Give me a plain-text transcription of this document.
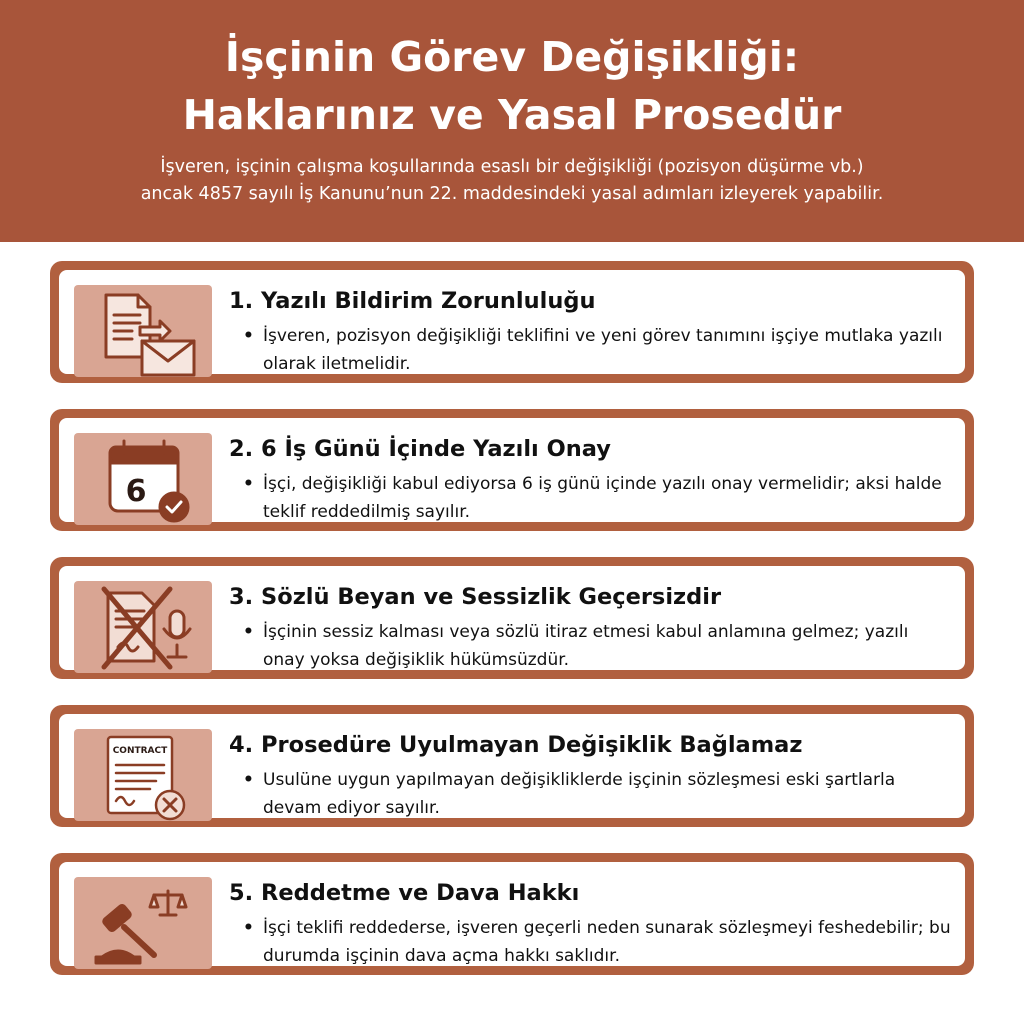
İşçinin Görev Değişikliği:
Haklarınız ve Yasal Prosedür

İşveren, işçinin çalışma koşullarında esaslı bir değişikliği (pozisyon düşürme vb.)
ancak 4857 sayılı İş Kanunu’nun 22. maddesindeki yasal adımları izleyerek yapabilir.

1. Yazılı Bildirim Zorunluluğu
• İşveren, pozisyon değişikliği teklifini ve yeni görev tanımını işçiye mutlaka yazılı olarak iletmelidir.
6
2. 6 İş Günü İçinde Yazılı Onay
• İşçi, değişikliği kabul ediyorsa 6 iş günü içinde yazılı onay vermelidir; aksi halde teklif reddedilmiş sayılır.
3. Sözlü Beyan ve Sessizlik Geçersizdir
• İşçinin sessiz kalması veya sözlü itiraz etmesi kabul anlamına gelmez; yazılı onay yoksa değişiklik hükümsüzdür.
CONTRACT	4. Prosedüre Uyulmayan Değişiklik Bağlamaz
• Usulüne uygun yapılmayan değişikliklerde işçinin sözleşmesi eski şartlarla devam ediyor sayılır.
5. Reddetme ve Dava Hakkı
• İşçi teklifi reddederse, işveren geçerli neden sunarak sözleşmeyi feshedebilir; bu durumda işçinin dava açma hakkı saklıdır.
